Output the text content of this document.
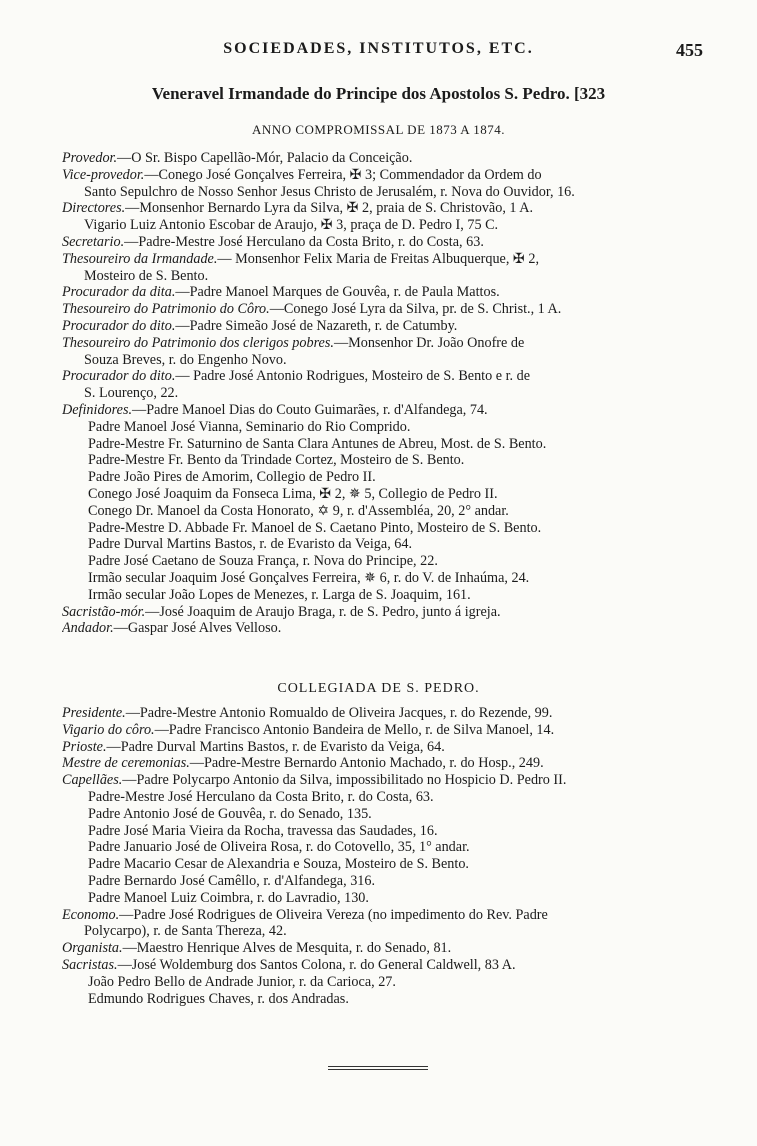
SOCIEDADES, INSTITUTOS, ETC.	455
Veneravel Irmandade do Principe dos Apostolos S. Pedro. [323
ANNO COMPROMISSAL DE 1873 A 1874.
Provedor.—O Sr. Bispo Capellão-Mór, Palacio da Conceição.
Vice-provedor.—Conego José Gonçalves Ferreira, ✠ 3; Commendador da Ordem do
Santo Sepulchro de Nosso Senhor Jesus Christo de Jerusalém, r. Nova do Ouvidor, 16.
Directores.—Monsenhor Bernardo Lyra da Silva, ✠ 2, praia de S. Christovão, 1 A.
Vigario Luiz Antonio Escobar de Araujo, ✠ 3, praça de D. Pedro I, 75 C.
Secretario.—Padre-Mestre José Herculano da Costa Brito, r. do Costa, 63.
Thesoureiro da Irmandade.— Monsenhor Felix Maria de Freitas Albuquerque, ✠ 2,
Mosteiro de S. Bento.
Procurador da dita.—Padre Manoel Marques de Gouvêa, r. de Paula Mattos.
Thesoureiro do Patrimonio do Côro.—Conego José Lyra da Silva, pr. de S. Christ., 1 A.
Procurador do dito.—Padre Simeão José de Nazareth, r. de Catumby.
Thesoureiro do Patrimonio dos clerigos pobres.—Monsenhor Dr. João Onofre de
Souza Breves, r. do Engenho Novo.
Procurador do dito.— Padre José Antonio Rodrigues, Mosteiro de S. Bento e r. de
S. Lourenço, 22.
Definidores.—Padre Manoel Dias do Couto Guimarães, r. d'Alfandega, 74.
Padre Manoel José Vianna, Seminario do Rio Comprido.
Padre-Mestre Fr. Saturnino de Santa Clara Antunes de Abreu, Most. de S. Bento.
Padre-Mestre Fr. Bento da Trindade Cortez, Mosteiro de S. Bento.
Padre João Pires de Amorim, Collegio de Pedro II.
Conego José Joaquim da Fonseca Lima, ✠ 2, ✵ 5, Collegio de Pedro II.
Conego Dr. Manoel da Costa Honorato, ✡ 9, r. d'Assembléa, 20, 2° andar.
Padre-Mestre D. Abbade Fr. Manoel de S. Caetano Pinto, Mosteiro de S. Bento.
Padre Durval Martins Bastos, r. de Evaristo da Veiga, 64.
Padre José Caetano de Souza França, r. Nova do Principe, 22.
Irmão secular Joaquim José Gonçalves Ferreira, ✵ 6, r. do V. de Inhaúma, 24.
Irmão secular João Lopes de Menezes, r. Larga de S. Joaquim, 161.
Sacristão-mór.—José Joaquim de Araujo Braga, r. de S. Pedro, junto á igreja.
Andador.—Gaspar José Alves Velloso.
COLLEGIADA DE S. PEDRO.
Presidente.—Padre-Mestre Antonio Romualdo de Oliveira Jacques, r. do Rezende, 99.
Vigario do côro.—Padre Francisco Antonio Bandeira de Mello, r. de Silva Manoel, 14.
Prioste.—Padre Durval Martins Bastos, r. de Evaristo da Veiga, 64.
Mestre de ceremonias.—Padre-Mestre Bernardo Antonio Machado, r. do Hosp., 249.
Capellães.—Padre Polycarpo Antonio da Silva, impossibilitado no Hospicio D. Pedro II.
Padre-Mestre José Herculano da Costa Brito, r. do Costa, 63.
Padre Antonio José de Gouvêa, r. do Senado, 135.
Padre José Maria Vieira da Rocha, travessa das Saudades, 16.
Padre Januario José de Oliveira Rosa, r. do Cotovello, 35, 1° andar.
Padre Macario Cesar de Alexandria e Souza, Mosteiro de S. Bento.
Padre Bernardo José Camêllo, r. d'Alfandega, 316.
Padre Manoel Luiz Coimbra, r. do Lavradio, 130.
Economo.—Padre José Rodrigues de Oliveira Vereza (no impedimento do Rev. Padre
Polycarpo), r. de Santa Thereza, 42.
Organista.—Maestro Henrique Alves de Mesquita, r. do Senado, 81.
Sacristas.—José Woldemburg dos Santos Colona, r. do General Caldwell, 83 A.
João Pedro Bello de Andrade Junior, r. da Carioca, 27.
Edmundo Rodrigues Chaves, r. dos Andradas.
